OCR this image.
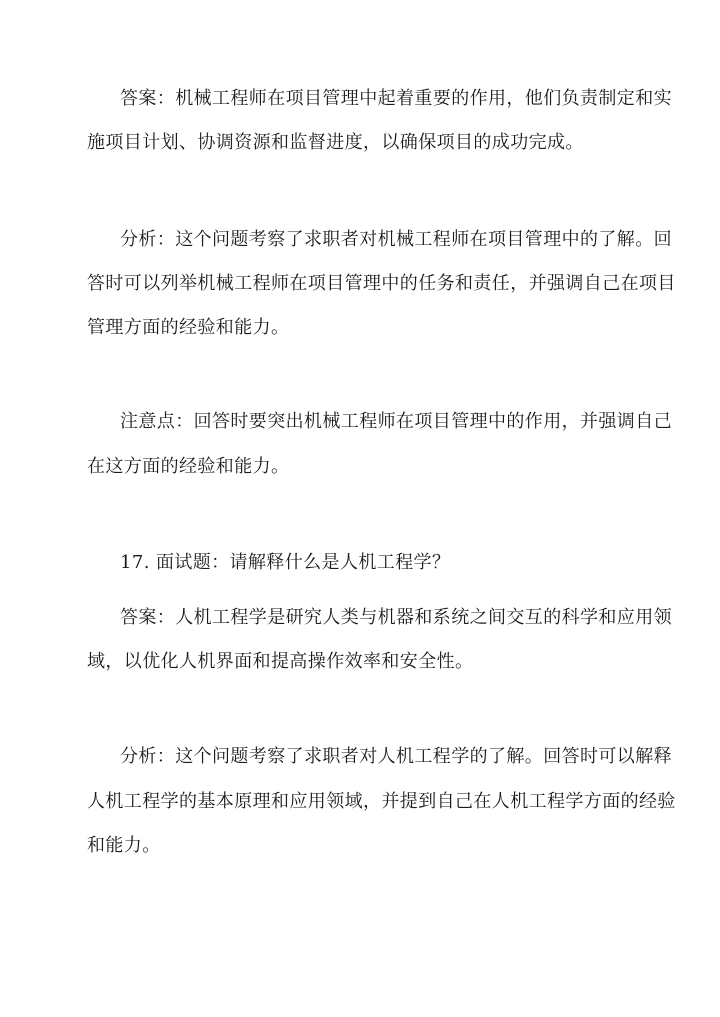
答案：机械工程师在项目管理中起着重要的作用，他们负责制定和实
施项目计划、协调资源和监督进度，以确保项目的成功完成。
分析：这个问题考察了求职者对机械工程师在项目管理中的了解。回
答时可以列举机械工程师在项目管理中的任务和责任，并强调自己在项目
管理方面的经验和能力。
注意点：回答时要突出机械工程师在项目管理中的作用，并强调自己
在这方面的经验和能力。
17. 面试题：请解释什么是人机工程学？
答案：人机工程学是研究人类与机器和系统之间交互的科学和应用领
域，以优化人机界面和提高操作效率和安全性。
分析：这个问题考察了求职者对人机工程学的了解。回答时可以解释
人机工程学的基本原理和应用领域，并提到自己在人机工程学方面的经验
和能力。
